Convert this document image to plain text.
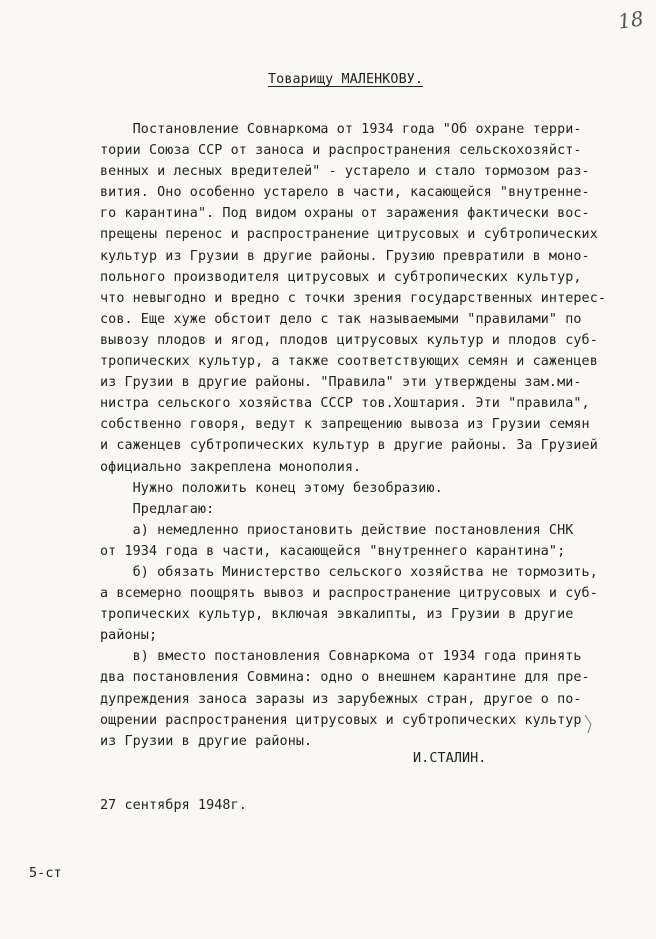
18
Товарищу МАЛЕНКОВУ.
Постановление Совнаркома от 1934 года "Об охране терри-
тории Союза ССР от заноса и распространения сельскохозяйст-
венных и лесных вредителей" - устарело и стало тормозом раз-
вития. Оно особенно устарело в части, касающейся "внутренне-
го карантина". Под видом охраны от заражения фактически вос-
прещены перенос и распространение цитрусовых и субтропических
культур из Грузии в другие районы. Грузию превратили в моно-
польного производителя цитрусовых и субтропических культур,
что невыгодно и вредно с точки зрения государственных интерес-
сов. Еще хуже обстоит дело с так называемыми "правилами" по
вывозу плодов и ягод, плодов цитрусовых культур и плодов суб-
тропических культур, а также соответствующих семян и саженцев
из Грузии в другие районы. "Правила" эти утверждены зам.ми-
нистра сельского хозяйства СССР тов.Хоштария. Эти "правила",
собственно говоря, ведут к запрещению вывоза из Грузии семян
и саженцев субтропических культур в другие районы. За Грузией
официально закреплена монополия.
Нужно положить конец этому безобразию.
Предлагаю:
а) немедленно приостановить действие постановления СНК
от 1934 года в части, касающейся "внутреннего карантина";
б) обязать Министерство сельского хозяйства не тормозить,
а всемерно поощрять вывоз и распространение цитрусовых и суб-
тропических культур, включая эвкалипты, из Грузии в другие
районы;
в) вместо постановления Совнаркома от 1934 года принять
два постановления Совмина: одно о внешнем карантине для пре-
дупреждения заноса заразы из зарубежных стран, другое о по-
ощрении распространения цитрусовых и субтропических культур
из Грузии в другие районы.
И.СТАЛИН.
27 сентября 1948г.
5-ст
